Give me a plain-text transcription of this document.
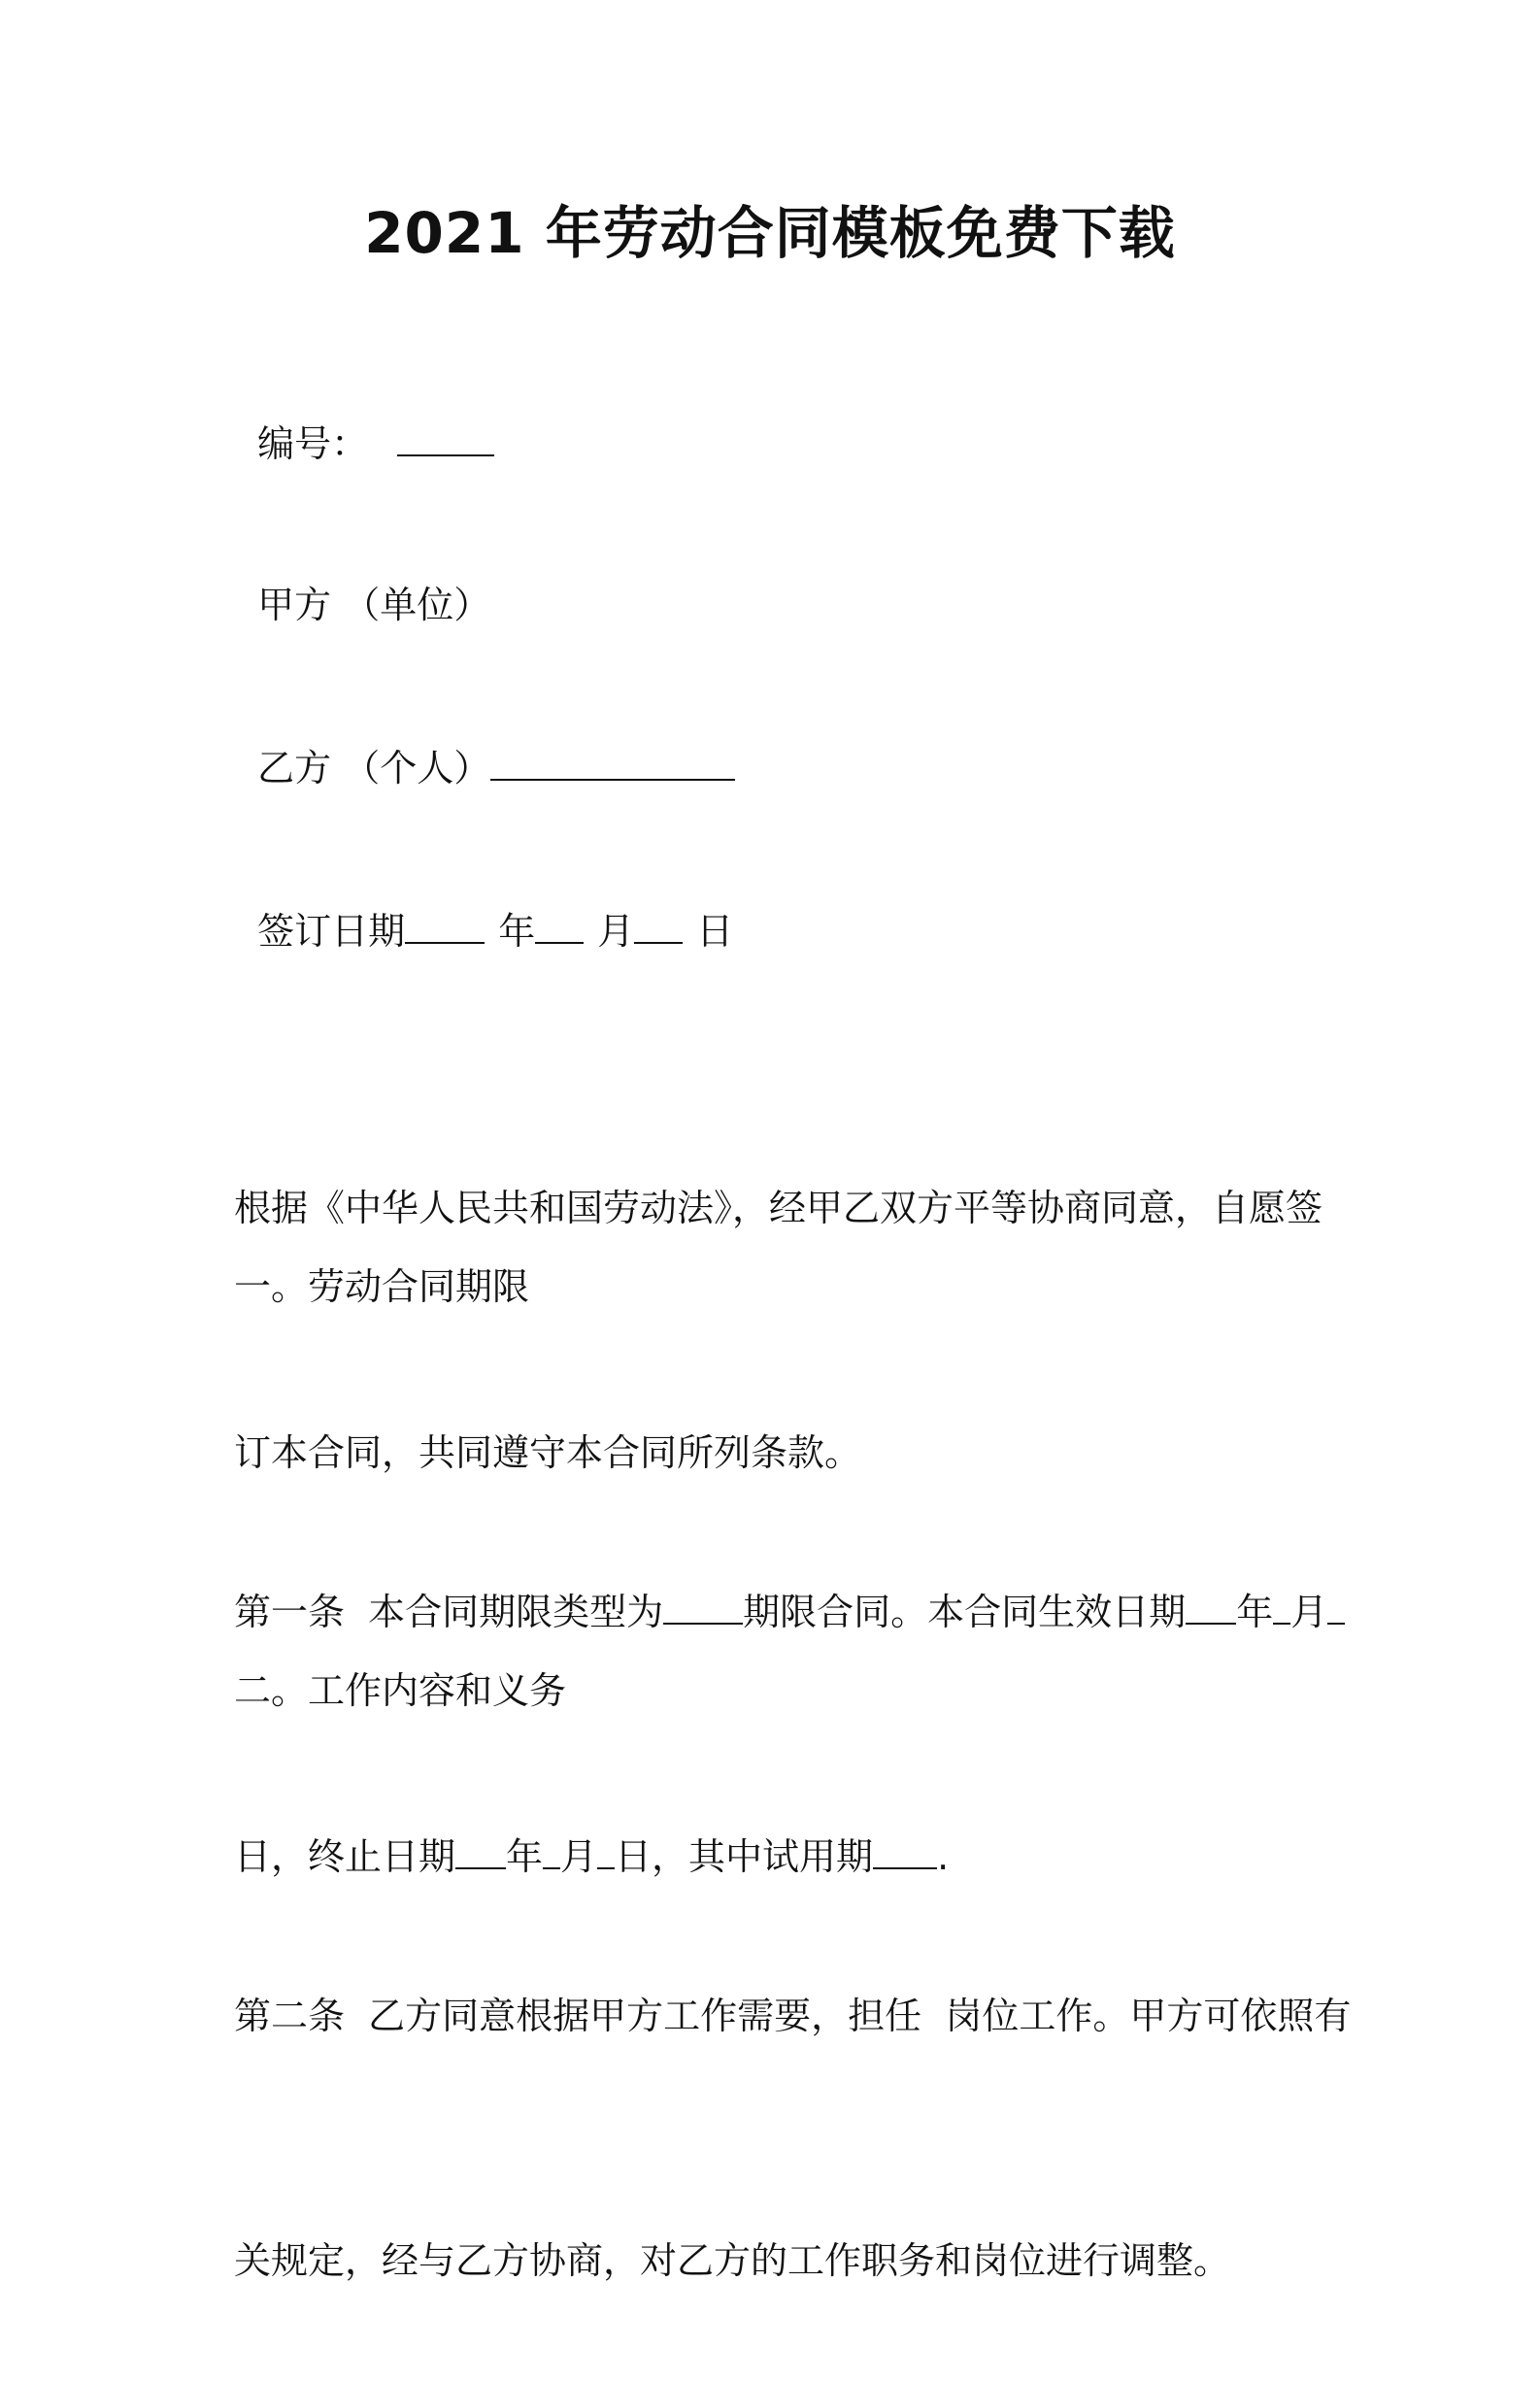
2021 年劳动合同模板免费下载

编号：

甲方 （单位）

乙方 （个人）

签订日期	年 月 日

根据《中华人民共和国劳动法》，经甲乙双方平等协商同意，自愿签

订本合同，共同遵守本合同所列条款。

一。劳动合同期限

第一条  本合同期限类型为 期限合同。本合同生效日期 年 月

日，终止日期 年 月 日，其中试用期 .

二。工作内容和义务

第二条  乙方同意根据甲方工作需要，担任  岗位工作。甲方可依照有

关规定，经与乙方协商，对乙方的工作职务和岗位进行调整。
